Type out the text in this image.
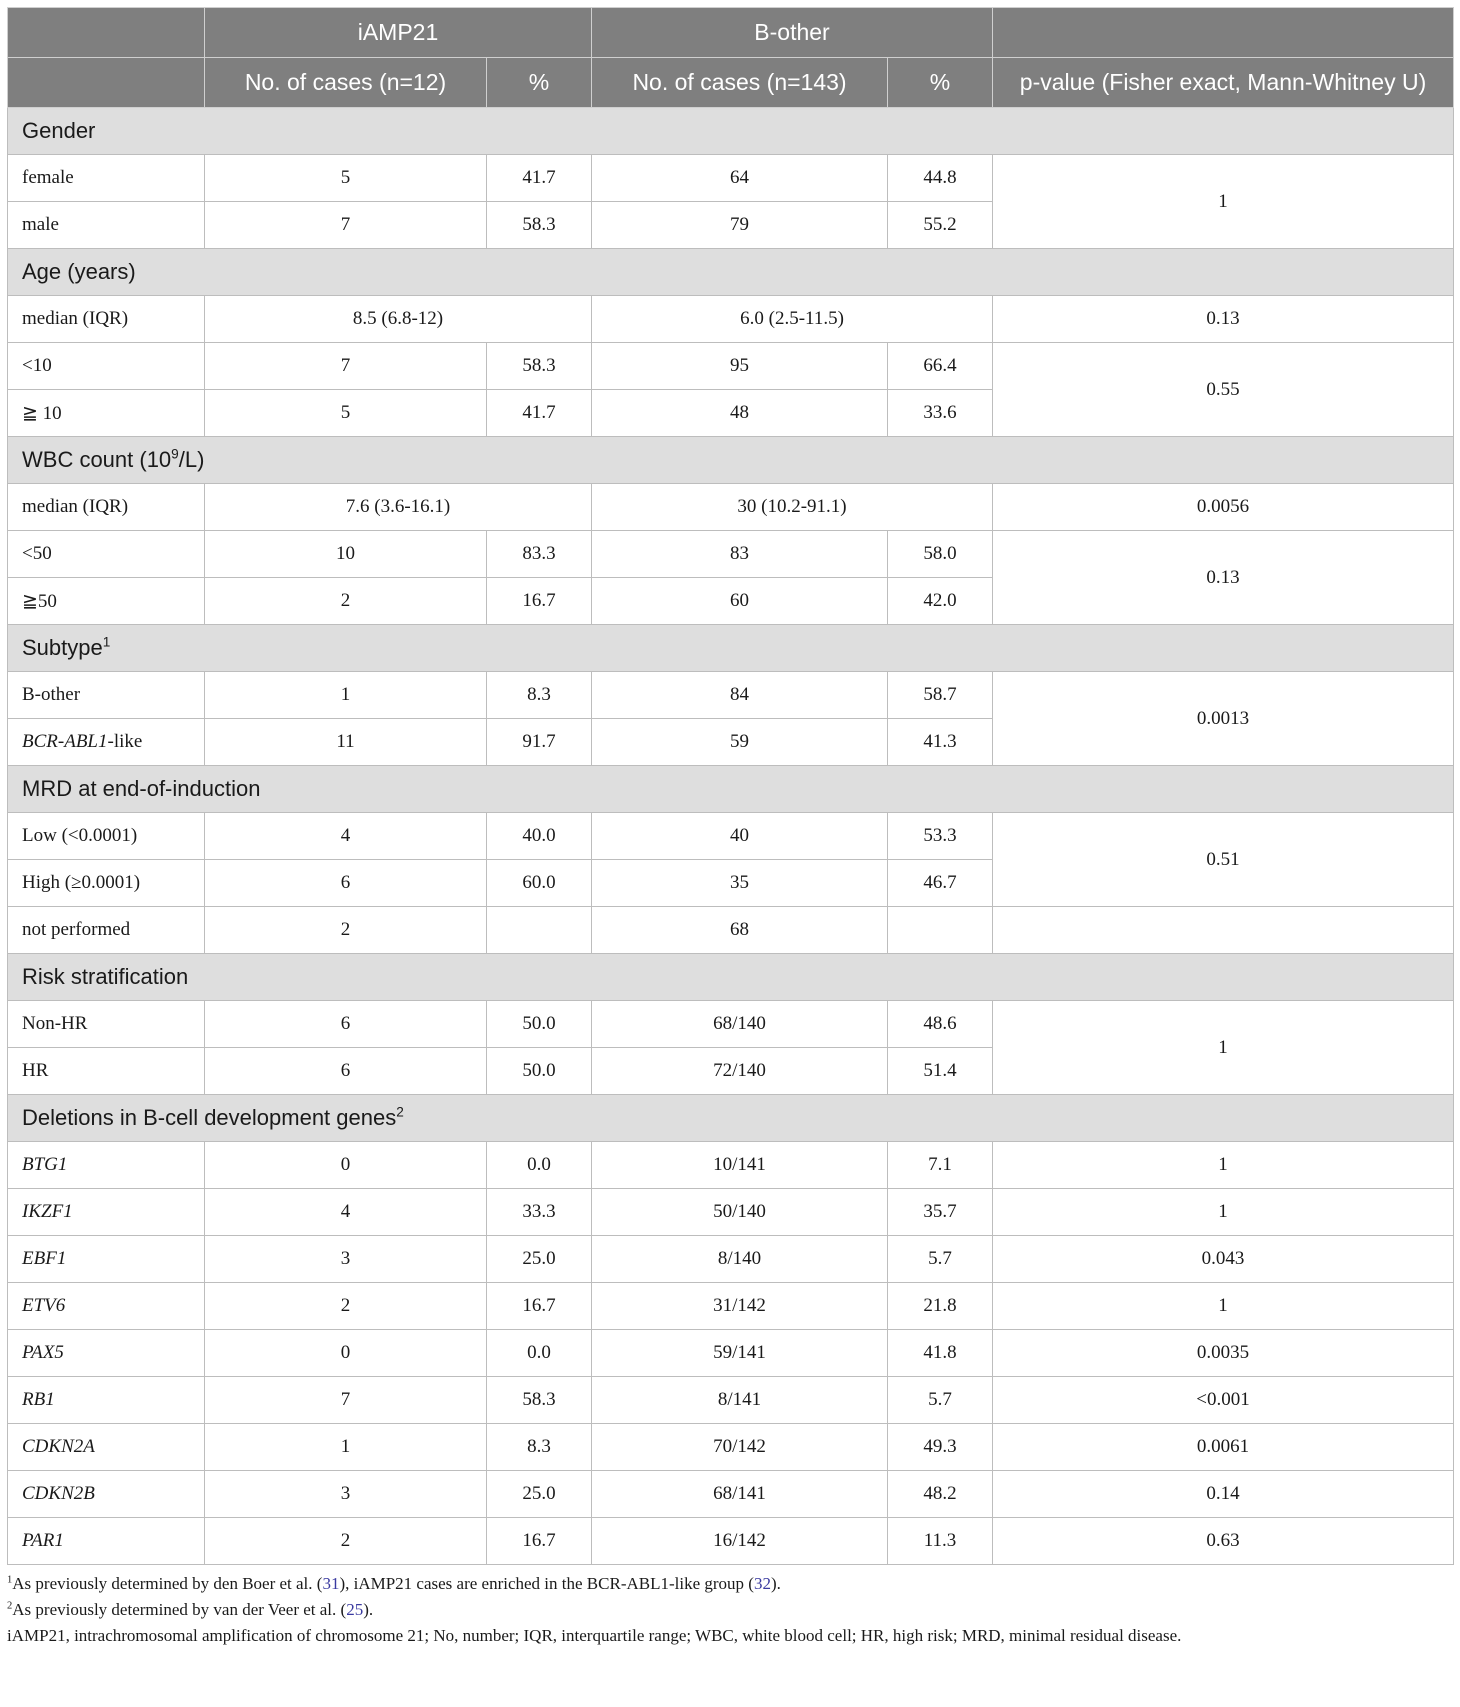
	iAMP21		B-other		
	No. of cases (n=12)	%	No. of cases (n=143)	%	p-value (Fisher exact, Mann-Whitney U)
Gender					
female	5	41.7	64	44.8	1
male	7	58.3	79	55.2	
Age (years)					
median (IQR)	8.5 (6.8-12)		6.0 (2.5-11.5)		0.13
<10	7	58.3	95	66.4	0.55
≧ 10	5	41.7	48	33.6	
WBC count $(10^9/L)$					
median (IQR)	7.6 (3.6-16.1)		30 (10.2-91.1)		0.0056
<50	10	83.3	83	58.0	0.13
≧50	2	16.7	60	42.0	
Subtype$^1$
B-other	1	8.3	84	58.7	0.0013
BCR-ABL1-like	11	91.7	59	41.3	
MRD at end-of-induction					
Low (<0.0001)	4	40.0	40	53.3	0.51
High (≥0.0001)	6	60.0	35	46.7	
not performed	2		68		
Risk stratification					
Non-HR	6	50.0	68/140	48.6	1
HR	6	50.0	72/140	51.4	
Deletions in B-cell development genes$^2$
BTG1	0	0.0	10/141	7.1	1
IKZF1	4	33.3	50/140	35.7	1
EBF1	3	25.0	8/140	5.7	0.043
ETV6	2	16.7	31/142	21.8	1
PAX5	0	0.0	59/141	41.8	0.0035
RB1	7	58.3	8/141	5.7	<0.001
CDKN2A	1	8.3	70/142	49.3	0.0061
CDKN2B	3	25.0	68/141	48.2	0.14
PAR1	2	16.7	16/142	11.3	0.63
$^1$As previously determined by den Boer et al. (31), iAMP21 cases are enriched in the BCR-ABL1-like group (32).
$^2$As previously determined by van der Veer et al. (25).
iAMP21, intrachromosomal amplification of chromosome 21; No, number; IQR, interquartile range; WBC, white blood cell; HR, high risk; MRD, minimal residual disease.
